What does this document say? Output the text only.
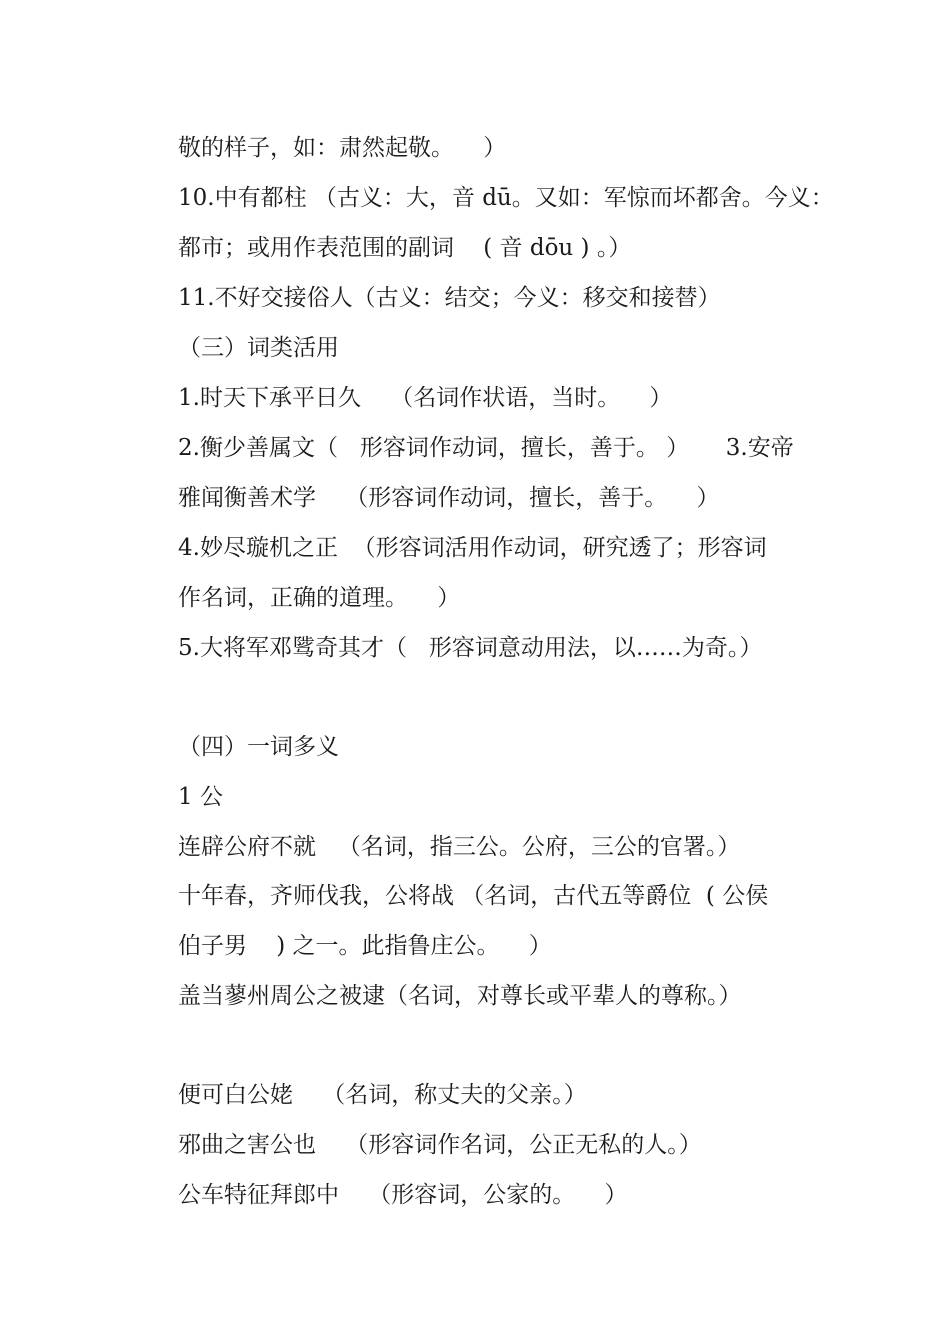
敬的样子，如：肃然起敬。    ）
10.中有都柱 （古义：大，音 dū。又如：军惊而坏都舍。今义：
都市；或用作表范围的副词    ( 音 dōu ) 。）
11.不好交接俗人（古义：结交；今义：移交和接替）
（三）词类活用
1.时天下承平日久    （名词作状语，当时。    ）
2.衡少善属文（   形容词作动词，擅长，善于。 ）     3.安帝
雅闻衡善术学    （形容词作动词，擅长，善于。    ）
4.妙尽璇机之正  （形容词活用作动词，研究透了；形容词
作名词，正确的道理。    ）
5.大将军邓骘奇其才（   形容词意动用法，以……为奇。）
（四）一词多义
1 公
连辟公府不就   （名词，指三公。公府，三公的官署。）
十年春，齐师伐我，公将战 （名词，古代五等爵位  ( 公侯
伯子男    ) 之一。此指鲁庄公。    ）
盖当蓼州周公之被逮（名词，对尊长或平辈人的尊称。）
便可白公姥    （名词，称丈夫的父亲。）
邪曲之害公也    （形容词作名词，公正无私的人。）
公车特征拜郎中    （形容词，公家的。    ）
